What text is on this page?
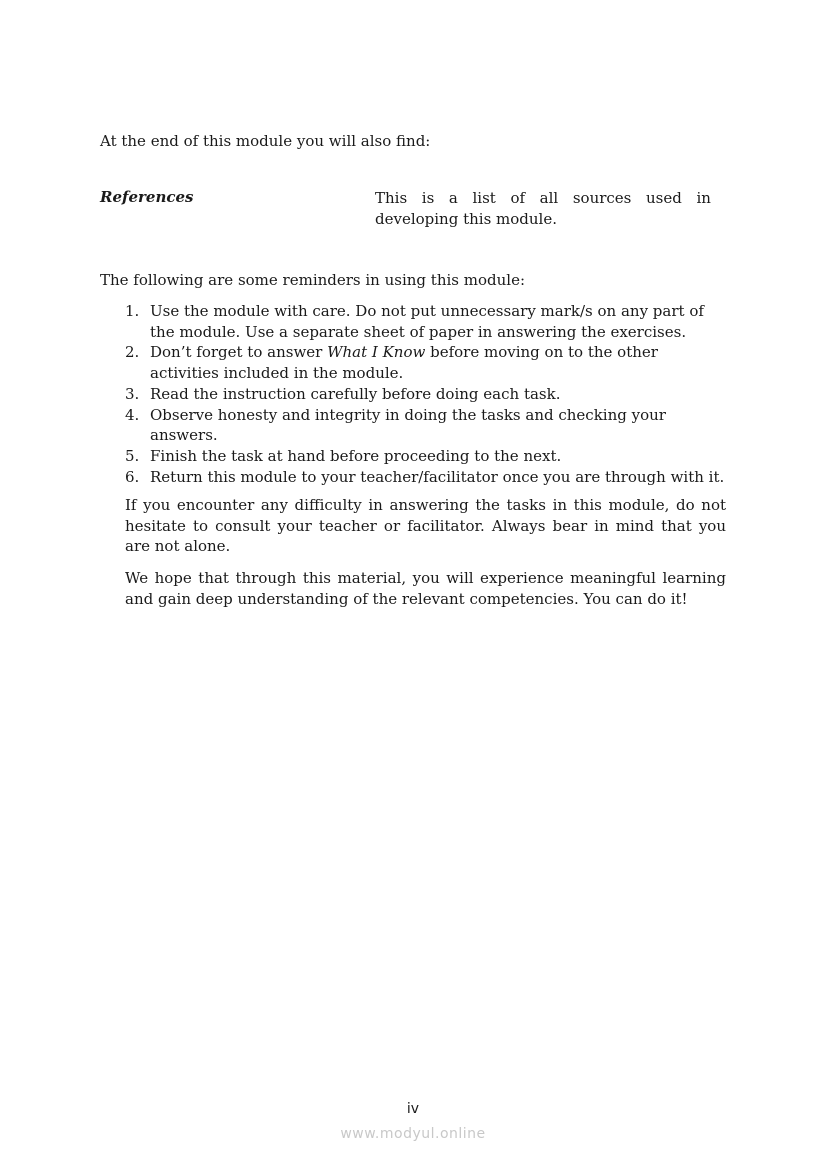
At the end of this module you will also find:
References	This is a list of all sources used in
developing this module.
The following are some reminders in using this module:
1. Use the module with care. Do not put unnecessary mark/s on any part of the module. Use a separate sheet of paper in answering the exercises.
2. Don’t forget to answer What I Know before moving on to the other activities included in the module.
3. Read the instruction carefully before doing each task.
4. Observe honesty and integrity in doing the tasks and checking your answers.
5. Finish the task at hand before proceeding to the next.
6. Return this module to your teacher/facilitator once you are through with it.

If you encounter any difficulty in answering the tasks in this module, do not hesitate to consult your teacher or facilitator. Always bear in mind that you are not alone.

We hope that through this material, you will experience meaningful learning and gain deep understanding of the relevant competencies. You can do it!

iv
www.modyul.online
